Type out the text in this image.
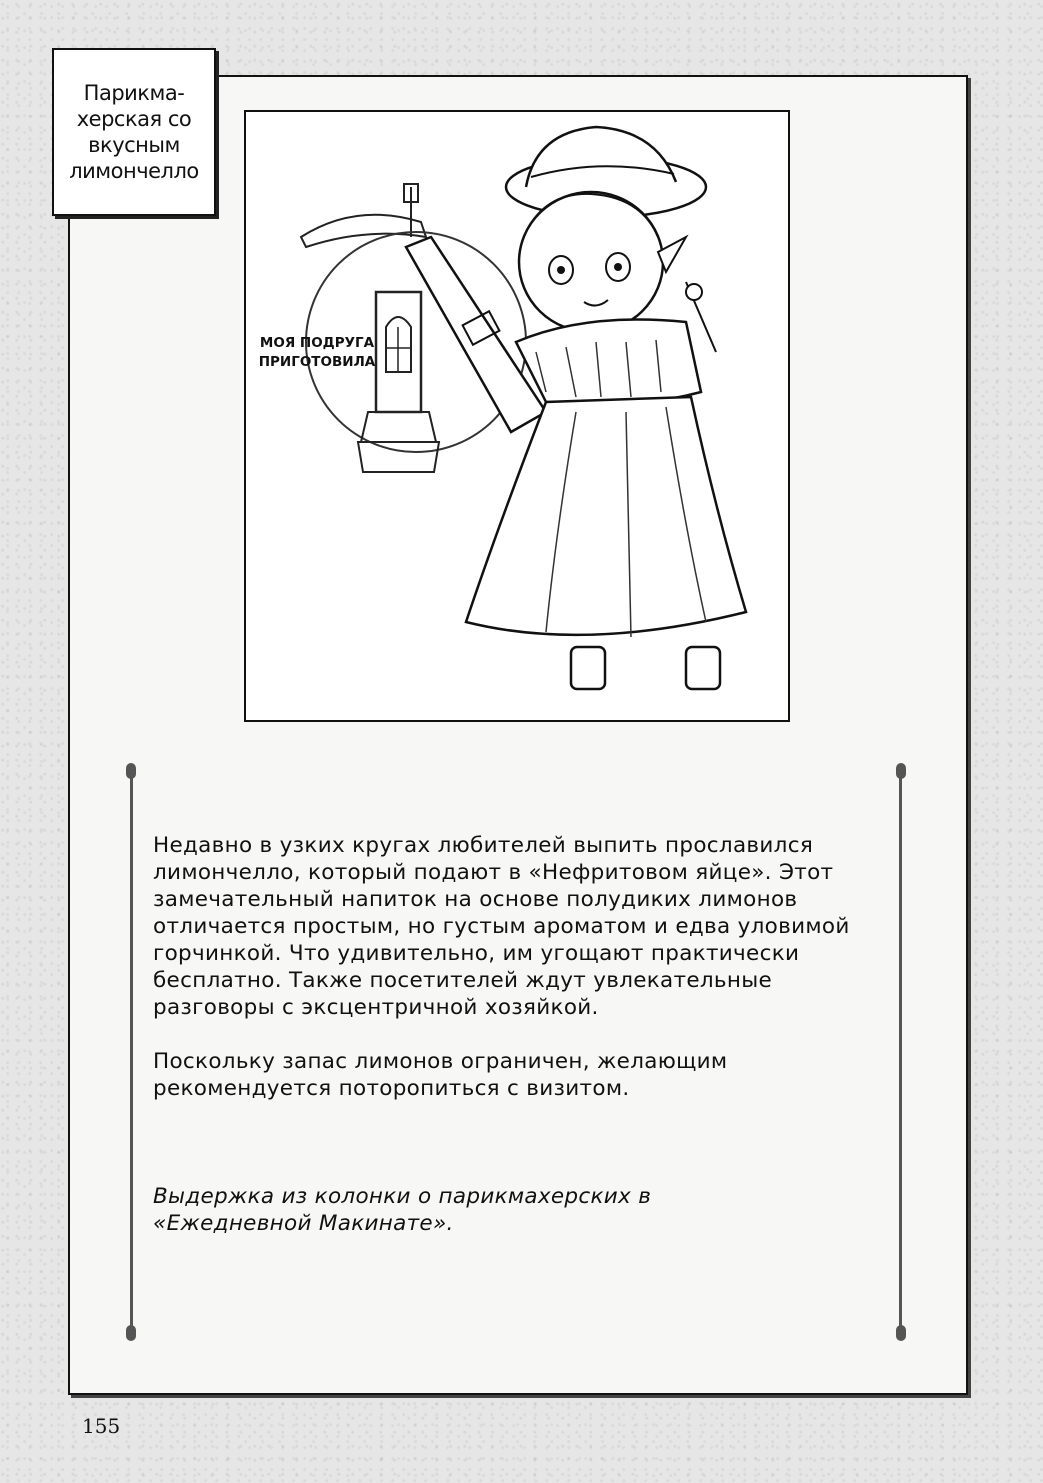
Парикма-
херская со
вкусным
лимончелло
МОЯ ПОДРУГА
ПРИГОТОВИЛА

Недавно в узких кругах любителей выпить прославился лимончелло, который подают в «Нефритовом яйце». Этот замечательный напиток на основе полудиких лимонов отличается простым, но густым ароматом и едва уловимой горчинкой. Что удивительно, им угощают практически бесплатно. Также посетителей ждут увлекательные разговоры с эксцентричной хозяйкой.

Поскольку запас лимонов ограничен, желающим рекомендуется поторопиться с визитом.

Выдержка из колонки о парикмахерских в «Ежедневной Макинате».

155
